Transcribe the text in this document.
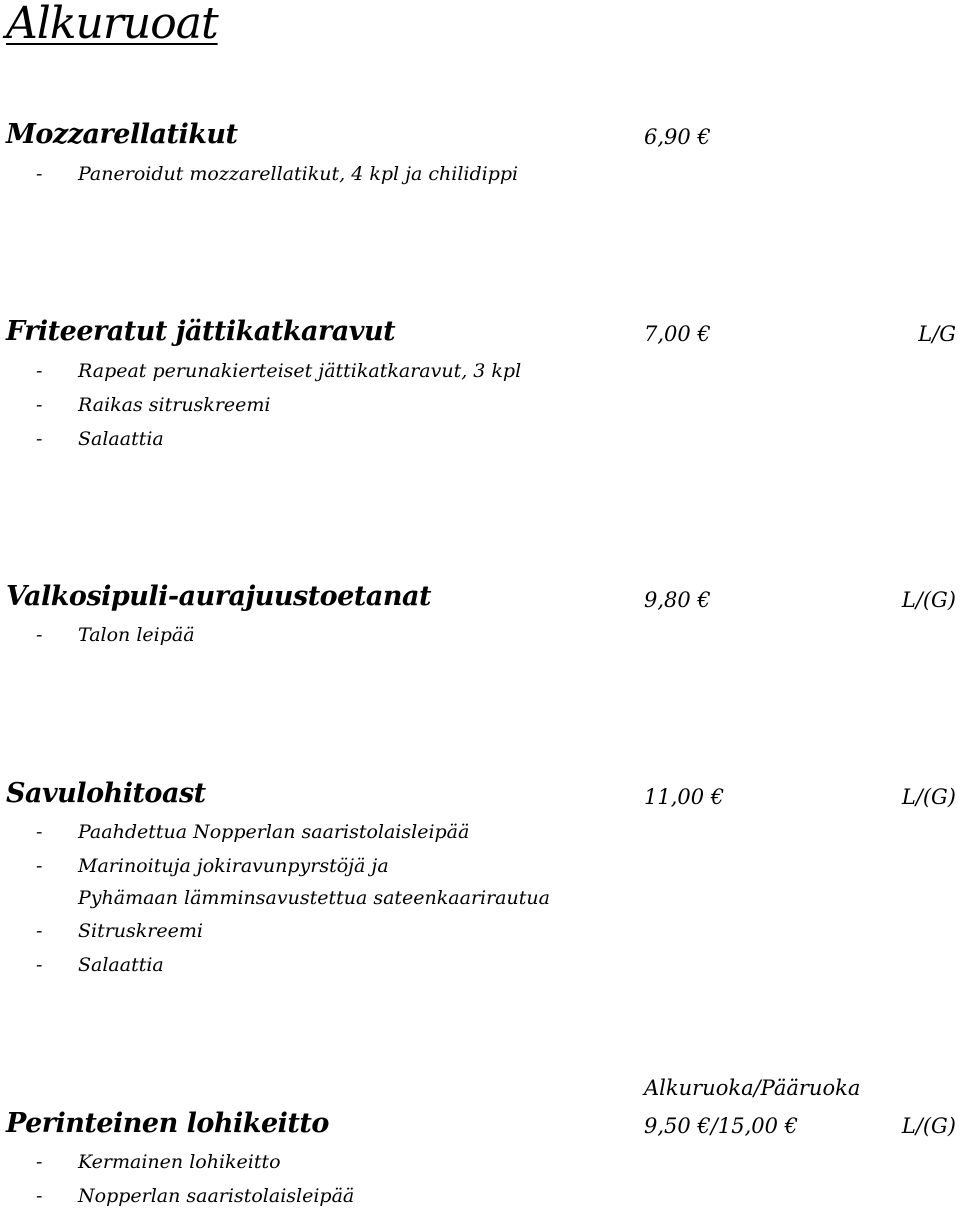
Alkuruoat
Mozzarellatikut	6,90 €
- Paneroidut mozzarellatikut, 4 kpl ja chilidippi
Friteeratut jättikatkaravut	7,00 €	L/G
- Rapeat perunakierteiset jättikatkaravut, 3 kpl
- Raikas sitruskreemi
- Salaattia
Valkosipuli-aurajuustoetanat	9,80 €	L/(G)
- Talon leipää
Savulohitoast	11,00 €	L/(G)
- Paahdettua Nopperlan saaristolaisleipää
- Marinoituja jokiravunpyrstöjä ja
Pyhämaan lämminsavustettua sateenkaarirautua
- Sitruskreemi
- Salaattia
Alkuruoka/Pääruoka
Perinteinen lohikeitto	9,50 €/15,00 €	L/(G)
- Kermainen lohikeitto
- Nopperlan saaristolaisleipää
